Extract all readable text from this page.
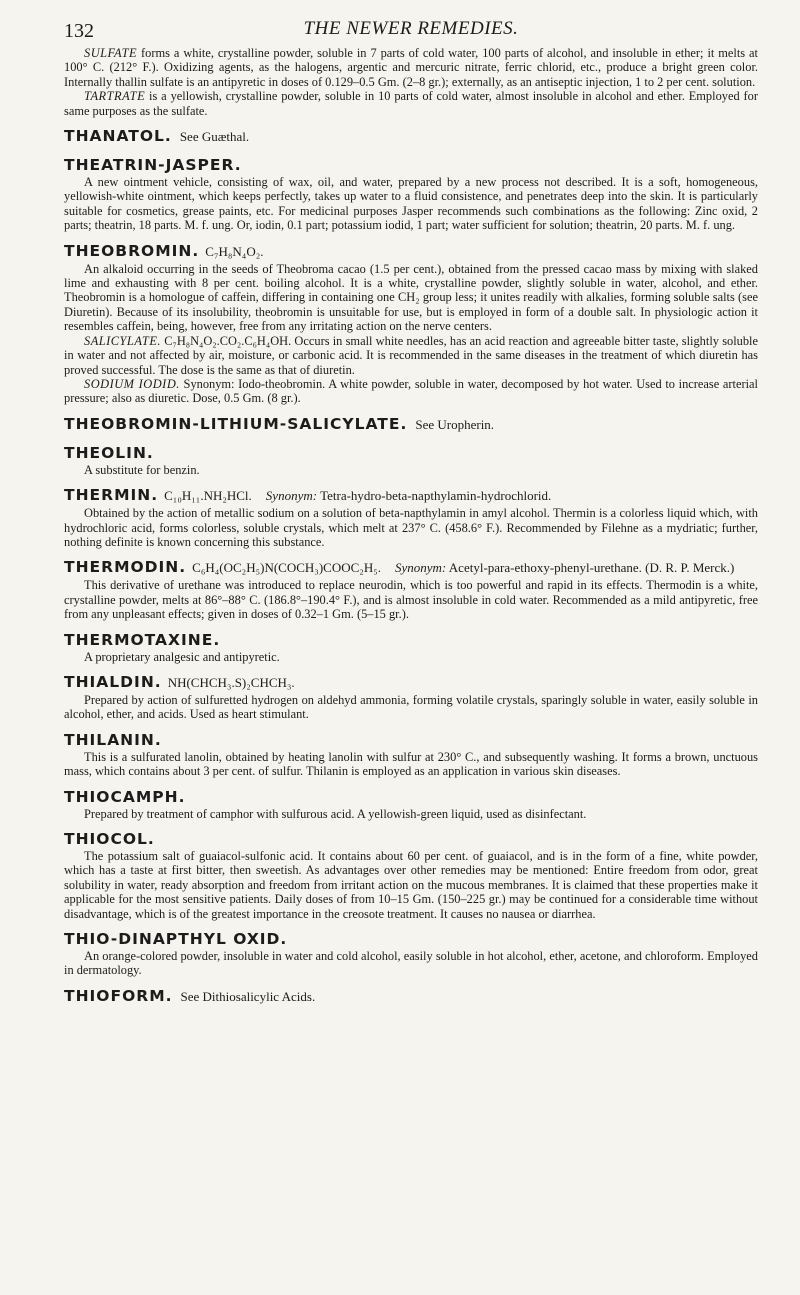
132	THE NEWER REMEDIES.

SULFATE forms a white, crystalline powder, soluble in 7 parts of cold water, 100 parts of alcohol, and insoluble in ether; it melts at 100° C. (212° F.). Oxidizing agents, as the halogens, argentic and mercuric nitrate, ferric chlorid, etc., produce a bright green color. Internally thallin sulfate is an antipyretic in doses of 0.129–0.5 Gm. (2–8 gr.); externally, as an antiseptic injection, 1 to 2 per cent. solution.

TARTRATE is a yellowish, crystalline powder, soluble in 10 parts of cold water, almost insoluble in alcohol and ether. Employed for same purposes as the sulfate.

THANATOL. See Guæthal.
THEATRIN-JASPER.

A new ointment vehicle, consisting of wax, oil, and water, prepared by a new process not described. It is a soft, homogeneous, yellowish-white ointment, which keeps perfectly, takes up water to a fluid consistence, and penetrates deep into the skin. It is particularly suitable for cosmetics, grease paints, etc. For medicinal purposes Jasper recommends such combinations as the following: Zinc oxid, 2 parts; theatrin, 18 parts. M. f. ung. Or, iodin, 0.1 part; potassium iodid, 1 part; water sufficient for solution; theatrin, 20 parts. M. f. ung.

THEOBROMIN. C₇H₈N₄O₂.

An alkaloid occurring in the seeds of Theobroma cacao (1.5 per cent.), obtained from the pressed cacao mass by mixing with slaked lime and exhausting with 8 per cent. boiling alcohol. It is a white, crystalline powder, slightly soluble in water, alcohol, and ether. Theobromin is a homologue of caffein, differing in containing one CH₂ group less; it unites readily with alkalies, forming soluble salts (see Diuretin). Because of its insolubility, theobromin is unsuitable for use, but is employed in form of a double salt. In physiologic action it resembles caffein, being, however, free from any irritating action on the nerve centers.

SALICYLATE. C₇H₈N₄O₂.CO₂.C₆H₄OH. Occurs in small white needles, has an acid reaction and agreeable bitter taste, slightly soluble in water and not affected by air, moisture, or carbonic acid. It is recommended in the same diseases in the treatment of which diuretin has proved successful. The dose is the same as that of diuretin.

SODIUM IODID. Synonym: Iodo-theobromin. A white powder, soluble in water, decomposed by hot water. Used to increase arterial pressure; also as diuretic. Dose, 0.5 Gm. (8 gr.).

THEOBROMIN-LITHIUM-SALICYLATE. See Uropherin.
THEOLIN.

A substitute for benzin.

THERMIN. C₁₀H₁₁.NH₂HCl. Synonym: Tetra-hydro-beta-napthylamin-hydrochlorid.

Obtained by the action of metallic sodium on a solution of beta-napthylamin in amyl alcohol. Thermin is a colorless liquid which, with hydrochloric acid, forms colorless, soluble crystals, which melt at 237° C. (458.6° F.). Recommended by Filehne as a mydriatic; further, nothing definite is known concerning this substance.

THERMODIN. C₆H₄(OC₂H₅)N(COCH₃)COOC₂H₅. Synonym: Acetyl-para-ethoxy-phenyl-urethane. (D. R. P. Merck.)

This derivative of urethane was introduced to replace neurodin, which is too powerful and rapid in its effects. Thermodin is a white, crystalline powder, melts at 86°–88° C. (186.8°–190.4° F.), and is almost insoluble in cold water. Recommended as a mild antipyretic, free from any unpleasant effects; given in doses of 0.32–1 Gm. (5–15 gr.).

THERMOTAXINE.

A proprietary analgesic and antipyretic.

THIALDIN. NH(CHCH₃.S)₂CHCH₃.

Prepared by action of sulfuretted hydrogen on aldehyd ammonia, forming volatile crystals, sparingly soluble in water, easily soluble in alcohol, ether, and acids. Used as heart stimulant.

THILANIN.

This is a sulfurated lanolin, obtained by heating lanolin with sulfur at 230° C., and subsequently washing. It forms a brown, unctuous mass, which contains about 3 per cent. of sulfur. Thilanin is employed as an application in various skin diseases.

THIOCAMPH.

Prepared by treatment of camphor with sulfurous acid. A yellowish-green liquid, used as disinfectant.

THIOCOL.

The potassium salt of guaiacol-sulfonic acid. It contains about 60 per cent. of guaiacol, and is in the form of a fine, white powder, which has a taste at first bitter, then sweetish. As advantages over other remedies may be mentioned: Entire freedom from odor, great solubility in water, ready absorption and freedom from irritant action on the mucous membranes. It is claimed that these properties make it applicable for the most sensitive patients. Daily doses of from 10–15 Gm. (150–225 gr.) may be continued for a considerable time without disadvantage, which is of the greatest importance in the creosote treatment. It causes no nausea or diarrhea.

THIO-DINAPTHYL OXID.

An orange-colored powder, insoluble in water and cold alcohol, easily soluble in hot alcohol, ether, acetone, and chloroform. Employed in dermatology.

THIOFORM. See Dithiosalicylic Acids.
